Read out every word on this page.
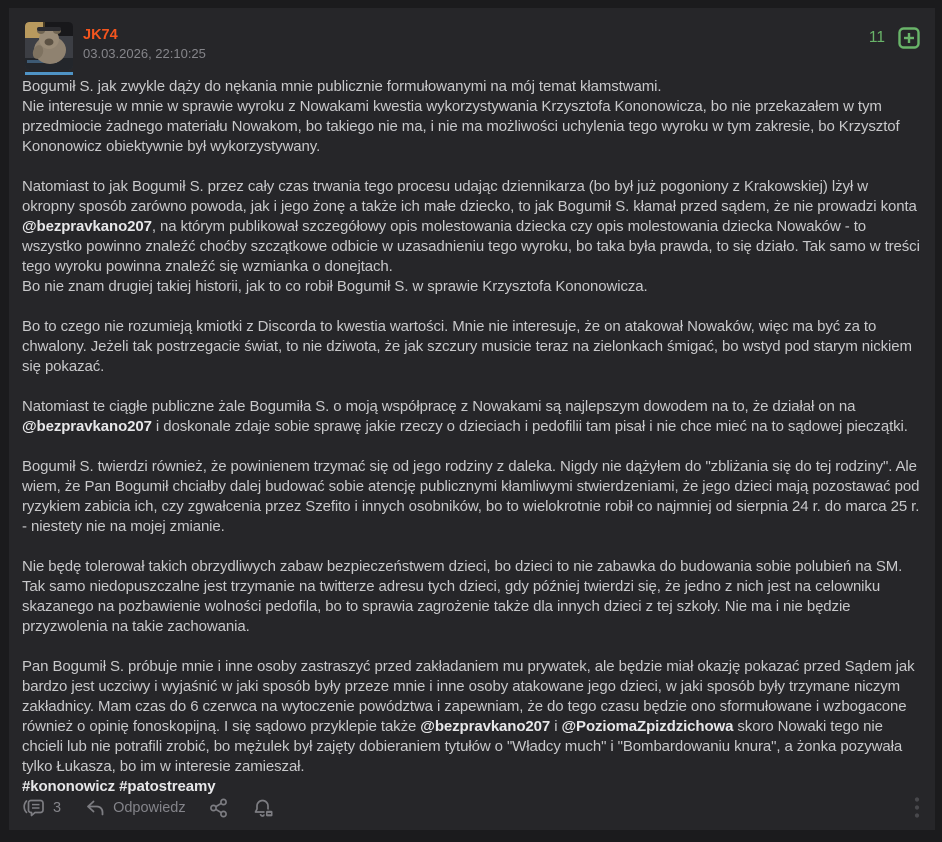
JK74
03.03.2026, 22:10:25
11

Bogumił S. jak zwykle dąży do nękania mnie publicznie formułowanymi na mój temat kłamstwami.
Nie interesuje w mnie w sprawie wyroku z Nowakami kwestia wykorzystywania Krzysztofa Kononowicza, bo nie przekazałem w tym przedmiocie żadnego materiału Nowakom, bo takiego nie ma, i nie ma możliwości uchylenia tego wyroku w tym zakresie, bo Krzysztof Kononowicz obiektywnie był wykorzystywany.

Natomiast to jak Bogumił S. przez cały czas trwania tego procesu udając dziennikarza (bo był już pogoniony z Krakowskiej) lżył w okropny sposób zarówno powoda, jak i jego żonę a także ich małe dziecko, to jak Bogumił S. kłamał przed sądem, że nie prowadzi konta @bezpravkano207, na którym publikował szczegółowy opis molestowania dziecka czy opis molestowania dziecka Nowaków - to wszystko powinno znaleźć choćby szczątkowe odbicie w uzasadnieniu tego wyroku, bo taka była prawda, to się działo. Tak samo w treści tego wyroku powinna znaleźć się wzmianka o donejtach.
Bo nie znam drugiej takiej historii, jak to co robił Bogumił S. w sprawie Krzysztofa Kononowicza.

Bo to czego nie rozumieją kmiotki z Discorda to kwestia wartości. Mnie nie interesuje, że on atakował Nowaków, więc ma być za to chwalony. Jeżeli tak postrzegacie świat, to nie dziwota, że jak szczury musicie teraz na zielonkach śmigać, bo wstyd pod starym nickiem się pokazać.

Natomiast te ciągłe publiczne żale Bogumiła S. o moją współpracę z Nowakami są najlepszym dowodem na to, że działał on na @bezpravkano207 i doskonale zdaje sobie sprawę jakie rzeczy o dzieciach i pedofilii tam pisał i nie chce mieć na to sądowej pieczątki.

Bogumił S. twierdzi również, że powinienem trzymać się od jego rodziny z daleka. Nigdy nie dążyłem do "zbliżania się do tej rodziny". Ale wiem, że Pan Bogumił chciałby dalej budować sobie atencję publicznymi kłamliwymi stwierdzeniami, że jego dzieci mają pozostawać pod ryzykiem zabicia ich, czy zgwałcenia przez Szefito i innych osobników, bo to wielokrotnie robił co najmniej od sierpnia 24 r. do marca 25 r. - niestety nie na mojej zmianie.

Nie będę tolerował takich obrzydliwych zabaw bezpieczeństwem dzieci, bo dzieci to nie zabawka do budowania sobie polubień na SM. Tak samo niedopuszczalne jest trzymanie na twitterze adresu tych dzieci, gdy później twierdzi się, że jedno z nich jest na celowniku skazanego na pozbawienie wolności pedofila, bo to sprawia zagrożenie także dla innych dzieci z tej szkoły. Nie ma i nie będzie przyzwolenia na takie zachowania.

Pan Bogumił S. próbuje mnie i inne osoby zastraszyć przed zakładaniem mu prywatek, ale będzie miał okazję pokazać przed Sądem jak bardzo jest uczciwy i wyjaśnić w jaki sposób były przeze mnie i inne osoby atakowane jego dzieci, w jaki sposób były trzymane niczym zakładnicy. Mam czas do 6 czerwca na wytoczenie powództwa i zapewniam, że do tego czasu będzie ono sformułowane i wzbogacone również o opinię fonoskopijną. I się sądowo przyklepie także @bezpravkano207 i @PoziomaZpizdzichowa skoro Nowaki tego nie chcieli lub nie potrafili zrobić, bo mężulek był zajęty dobieraniem tytułów o "Władcy much" i "Bombardowaniu knura", a żonka pozywała tylko Łukasza, bo im w interesie zamieszał.
#kononowicz #patostreamy

3	Odpowiedz
